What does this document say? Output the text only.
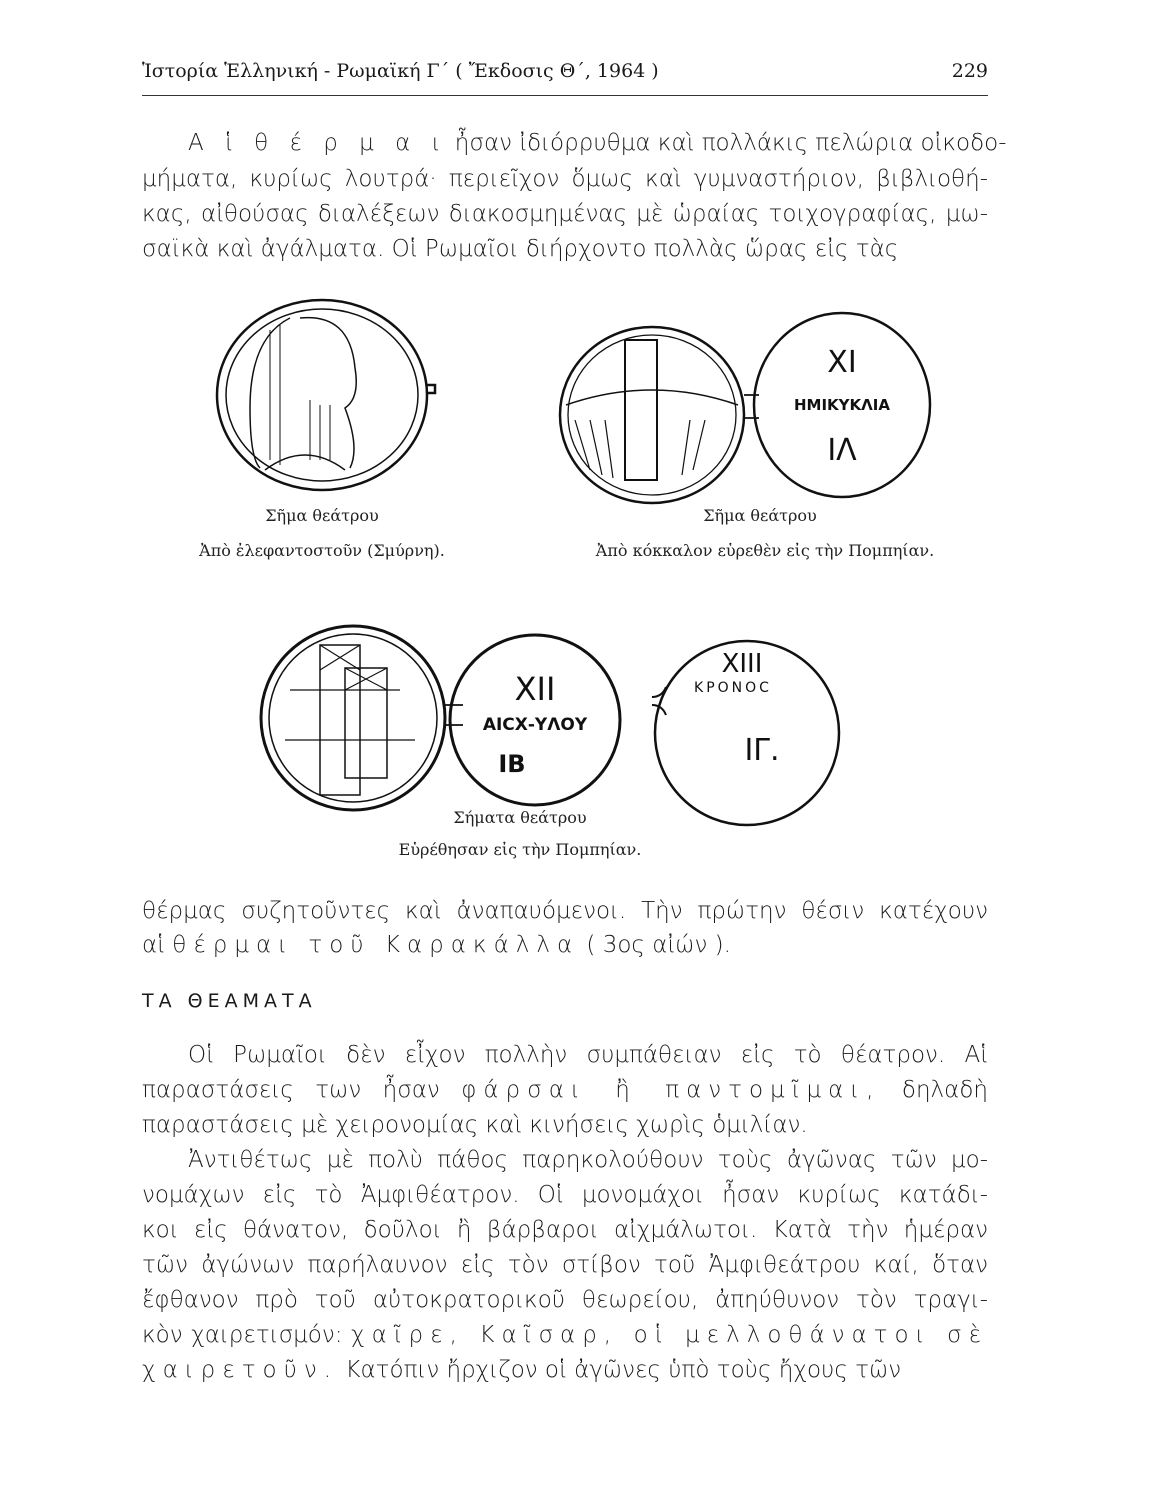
Ἱστορία Ἑλληνική - Ρωμαϊκή Γ΄ ( Ἔκδοσις Θ΄, 1964 )	229
Α ἱ θ έ ρ μ α ι ἦσαν ἰδιόρρυθμα καὶ πολλάκις πελώρια οἰκοδο-
μήματα, κυρίως λουτρά· περιεῖχον ὅμως καὶ γυμναστήριον, βιβλιοθή-
κας, αἰθούσας διαλέξεων διακοσμημένας μὲ ὡραίας τοιχογραφίας, μω-
σαϊκὰ καὶ ἀγάλματα. Οἱ Ρωμαῖοι διήρχοντο πολλὰς ὥρας εἰς τὰς
θέρμας συζητοῦντες καὶ ἀναπαυόμενοι. Τὴν πρώτην θέσιν κατέχουν
αἱ θέρμαι τοῦ Καρακάλλα ( 3ος αἰών ).
Οἱ Ρωμαῖοι δὲν εἶχον πολλὴν συμπάθειαν εἰς τὸ θέατρον. Αἱ
παραστάσεις των ἦσαν φάρσαι ἢ παντομῖμαι, δηλαδὴ
παραστάσεις μὲ χειρονομίας καὶ κινήσεις χωρὶς ὁμιλίαν.
Ἀντιθέτως μὲ πολὺ πάθος παρηκολούθουν τοὺς ἀγῶνας τῶν μο-
νομάχων εἰς τὸ Ἀμφιθέατρον. Οἱ μονομάχοι ἦσαν κυρίως κατάδι-
κοι εἰς θάνατον, δοῦλοι ἢ βάρβαροι αἰχμάλωτοι. Κατὰ τὴν ἡμέραν
τῶν ἀγώνων παρήλαυνον εἰς τὸν στίβον τοῦ Ἀμφιθεάτρου καί, ὅταν
ἔφθανον πρὸ τοῦ αὐτοκρατορικοῦ θεωρείου, ἀπηύθυνον τὸν τραγι-
κὸν χαιρετισμόν: χαῖρε, Καῖσαρ, οἱ μελλοθάνατοι σὲ
χαιρετοῦν. Κατόπιν ἤρχιζον οἱ ἀγῶνες ὑπὸ τοὺς ἤχους τῶν
ΤΑ ΘΕΑΜΑΤΑ
XI
ΗΜΙΚΥΚΛΙΑ
ΙΛ
XII
ΑΙCΧ-ΥΛΟΥ
ΙΒ
XIII
ΚΡΟΝΟC
ΙΓ.
Σῆμα θεάτρου
Ἀπὸ ἐλεφαντοστοῦν (Σμύρνη).
Σῆμα θεάτρου
Ἀπὸ κόκκαλον εὑρεθὲν εἰς τὴν Πομπηίαν.
Σήματα θεάτρου
Εὑρέθησαν εἰς τὴν Πομπηίαν.
